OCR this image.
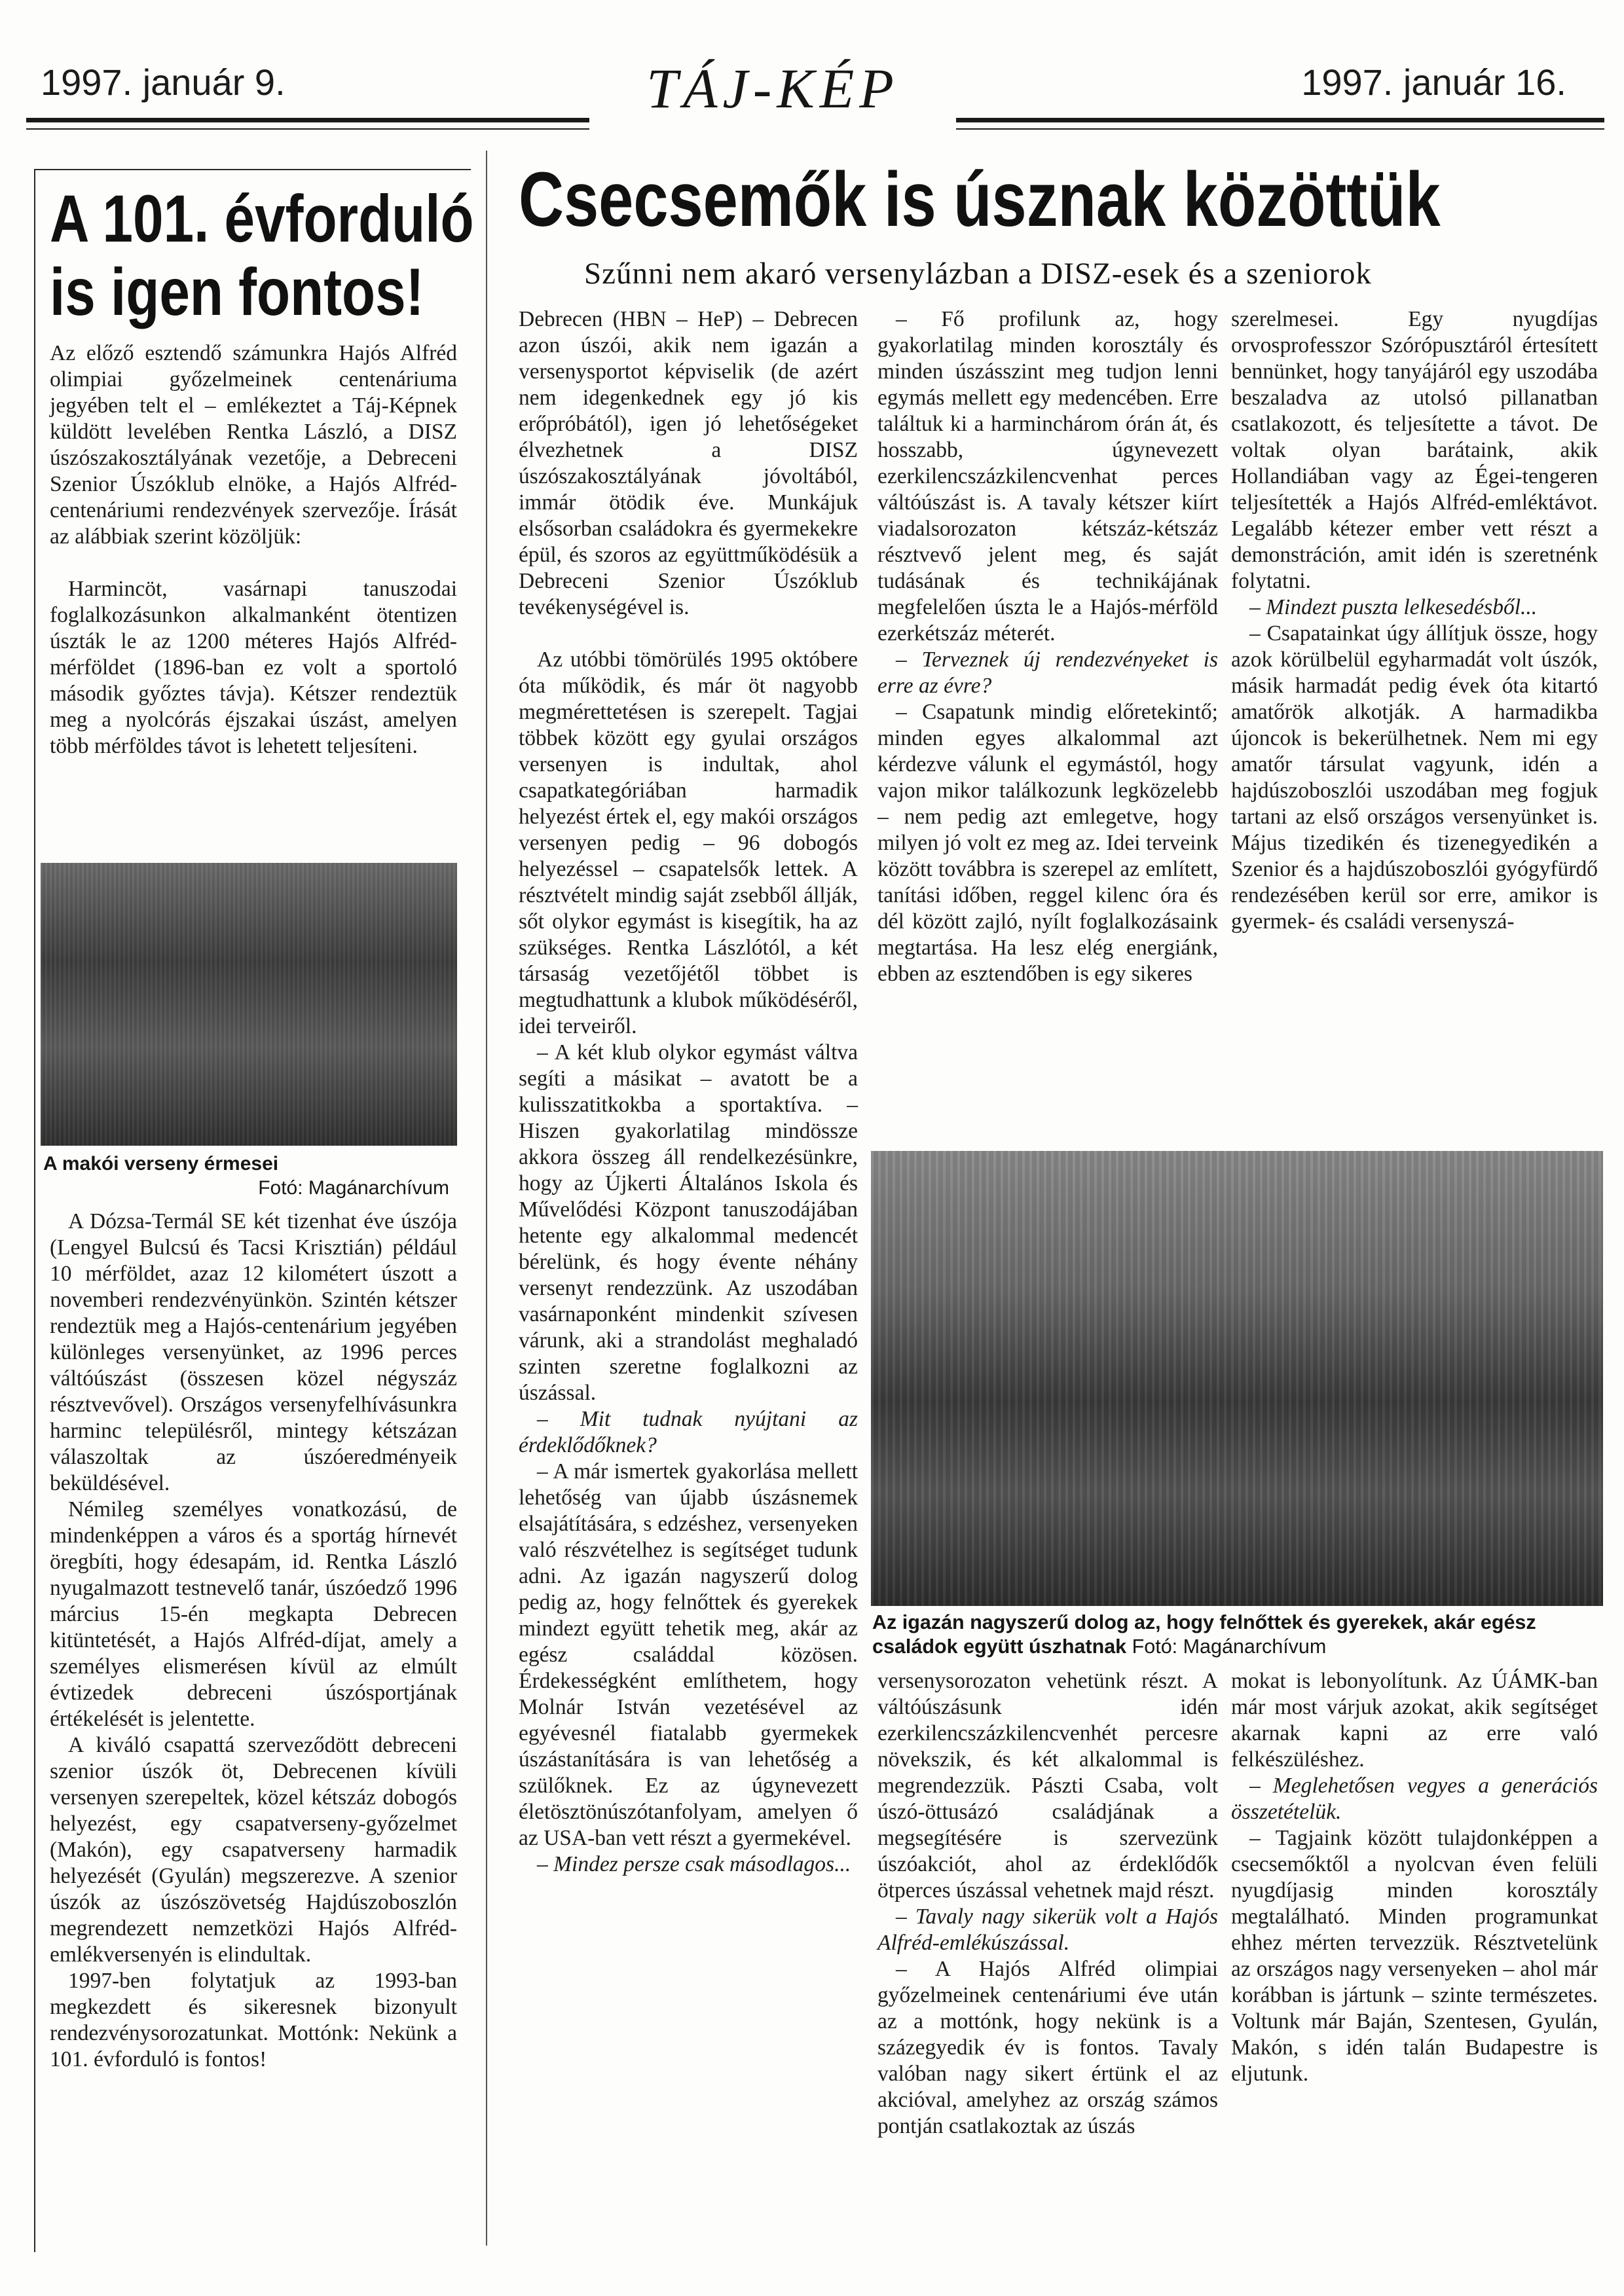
1997. január 9.	TÁJ-KÉP	1997. január 16.
A 101. évforduló
is igen fontos!

Az előző esztendő számunkra Hajós Alfréd olimpiai győzelmeinek centenáriuma jegyében telt el – emlékeztet a Táj-Képnek küldött levelében Rentka László, a DISZ úszószakosztályának vezetője, a Debreceni Szenior Úszóklub elnöke, a Hajós Alfréd-centenáriumi rendezvények szervezője. Írását az alábbiak szerint közöljük:

Harmincöt, vasárnapi tanuszodai foglalkozásunkon alkalmanként ötentizen úszták le az 1200 méteres Hajós Alfréd-mérföldet (1896-ban ez volt a sportoló második győztes távja). Kétszer rendeztük meg a nyolcórás éjszakai úszást, amelyen több mérföldes távot is lehetett teljesíteni.

A makói verseny érmesei
Fotó: Magánarchívum

A Dózsa-Termál SE két tizenhat éve úszója (Lengyel Bulcsú és Tacsi Krisztián) például 10 mérföldet, azaz 12 kilométert úszott a novemberi rendezvényünkön. Szintén kétszer rendeztük meg a Hajós-centenárium jegyében különleges versenyünket, az 1996 perces váltóúszást (összesen közel négyszáz résztvevővel). Országos versenyfelhívásunkra harminc településről, mintegy kétszázan válaszoltak az úszóeredményeik beküldésével.

Némileg személyes vonatkozású, de mindenképpen a város és a sportág hírnevét öregbíti, hogy édesapám, id. Rentka László nyugalmazott testnevelő tanár, úszóedző 1996 március 15-én megkapta Debrecen kitüntetését, a Hajós Alfréd-díjat, amely a személyes elismerésen kívül az elmúlt évtizedek debreceni úszósportjának értékelését is jelentette.

A kiváló csapattá szerveződött debreceni szenior úszók öt, Debrecenen kívüli versenyen szerepeltek, közel kétszáz dobogós helyezést, egy csapatverseny-győzelmet (Makón), egy csapatverseny harmadik helyezését (Gyulán) megszerezve. A szenior úszók az úszószövetség Hajdúszoboszlón megrendezett nemzetközi Hajós Alfréd-emlékversenyén is elindultak.

1997-ben folytatjuk az 1993-ban megkezdett és sikeresnek bizonyult rendezvénysorozatunkat. Mottónk: Nekünk a 101. évforduló is fontos!

Csecsemők is úsznak közöttük
Szűnni nem akaró versenylázban a DISZ-esek és a szeniorok

Debrecen (HBN – HeP) – Debrecen azon úszói, akik nem igazán a versenysportot képviselik (de azért nem idegenkednek egy jó kis erőpróbától), igen jó lehetőségeket élvezhetnek a DISZ úszószakosztályának jóvoltából, immár ötödik éve. Munkájuk elsősorban családokra és gyermekekre épül, és szoros az együttműködésük a Debreceni Szenior Úszóklub tevékenységével is.

Az utóbbi tömörülés 1995 októbere óta működik, és már öt nagyobb megmérettetésen is szerepelt. Tagjai többek között egy gyulai országos versenyen is indultak, ahol csapatkategóriában harmadik helyezést értek el, egy makói országos versenyen pedig – 96 dobogós helyezéssel – csapatelsők lettek. A résztvételt mindig saját zsebből állják, sőt olykor egymást is kisegítik, ha az szükséges. Rentka Lászlótól, a két társaság vezetőjétől többet is megtudhattunk a klubok működéséről, idei terveiről.

– A két klub olykor egymást váltva segíti a másikat – avatott be a kulisszatitkokba a sportaktíva. – Hiszen gyakorlatilag mindössze akkora összeg áll rendelkezésünkre, hogy az Újkerti Általános Iskola és Művelődési Központ tanuszodájában hetente egy alkalommal medencét bérelünk, és hogy évente néhány versenyt rendezzünk. Az uszodában vasárnaponként mindenkit szívesen várunk, aki a strandolást meghaladó szinten szeretne foglalkozni az úszással.

– Mit tudnak nyújtani az érdeklődőknek?

– A már ismertek gyakorlása mellett lehetőség van újabb úszásnemek elsajátítására, s edzéshez, versenyeken való részvételhez is segítséget tudunk adni. Az igazán nagyszerű dolog pedig az, hogy felnőttek és gyerekek mindezt együtt tehetik meg, akár az egész családdal közösen. Érdekességként említhetem, hogy Molnár István vezetésével az egyévesnél fiatalabb gyermekek úszástanítására is van lehetőség a szülőknek. Ez az úgynevezett életösztönúszótanfolyam, amelyen ő az USA-ban vett részt a gyermekével.

– Mindez persze csak másodlagos...

– Fő profilunk az, hogy gyakorlatilag minden korosztály és minden úszásszint meg tudjon lenni egymás mellett egy medencében. Erre találtuk ki a harminchárom órán át, és hosszabb, úgynevezett ezerkilencszázkilencvenhat perces váltóúszást is. A tavaly kétszer kiírt viadalsorozaton kétszáz-kétszáz résztvevő jelent meg, és saját tudásának és technikájának megfelelően úszta le a Hajós-mérföld ezerkétszáz méterét.

– Terveznek új rendezvényeket is erre az évre?

– Csapatunk mindig előretekintő; minden egyes alkalommal azt kérdezve válunk el egymástól, hogy vajon mikor találkozunk legközelebb – nem pedig azt emlegetve, hogy milyen jó volt ez meg az. Idei terveink között továbbra is szerepel az említett, tanítási időben, reggel kilenc óra és dél között zajló, nyílt foglalkozásaink megtartása. Ha lesz elég energiánk, ebben az esztendőben is egy sikeres

szerelmesei. Egy nyugdíjas orvosprofesszor Szórópusztáról értesített bennünket, hogy tanyájáról egy uszodába beszaladva az utolsó pillanatban csatlakozott, és teljesítette a távot. De voltak olyan barátaink, akik Hollandiában vagy az Égei-tengeren teljesítették a Hajós Alfréd-emléktávot. Legalább kétezer ember vett részt a demonstráción, amit idén is szeretnénk folytatni.

– Mindezt puszta lelkesedésből...

– Csapatainkat úgy állítjuk össze, hogy azok körülbelül egyharmadát volt úszók, másik harmadát pedig évek óta kitartó amatőrök alkotják. A harmadikba újoncok is bekerülhetnek. Nem mi egy amatőr társulat vagyunk, idén a hajdúszoboszlói uszodában meg fogjuk tartani az első országos versenyünket is. Május tizedikén és tizenegyedikén a Szenior és a hajdúszoboszlói gyógyfürdő rendezésében kerül sor erre, amikor is gyermek- és családi versenyszá-

Az igazán nagyszerű dolog az, hogy felnőttek és gyerekek, akár egész családok együtt úszhatnak Fotó: Magánarchívum

versenysorozaton vehetünk részt. A váltóúszásunk idén ezerkilencszázkilencvenhét percesre növekszik, és két alkalommal is megrendezzük. Pászti Csaba, volt úszó-öttusázó családjának a megsegítésére is szervezünk úszóakciót, ahol az érdeklődők ötperces úszással vehetnek majd részt.

– Tavaly nagy sikerük volt a Hajós Alfréd-emlékúszással.

– A Hajós Alfréd olimpiai győzelmeinek centenáriumi éve után az a mottónk, hogy nekünk is a százegyedik év is fontos. Tavaly valóban nagy sikert értünk el az akcióval, amelyhez az ország számos pontján csatlakoztak az úszás

mokat is lebonyolítunk. Az ÚÁMK-ban már most várjuk azokat, akik segítséget akarnak kapni az erre való felkészüléshez.

– Meglehetősen vegyes a generációs összetételük.

– Tagjaink között tulajdonképpen a csecsemőktől a nyolcvan éven felüli nyugdíjasig minden korosztály megtalálható. Minden programunkat ehhez mérten tervezzük. Résztvetelünk az országos nagy versenyeken – ahol már korábban is jártunk – szinte természetes. Voltunk már Baján, Szentesen, Gyulán, Makón, s idén talán Budapestre is eljutunk.
